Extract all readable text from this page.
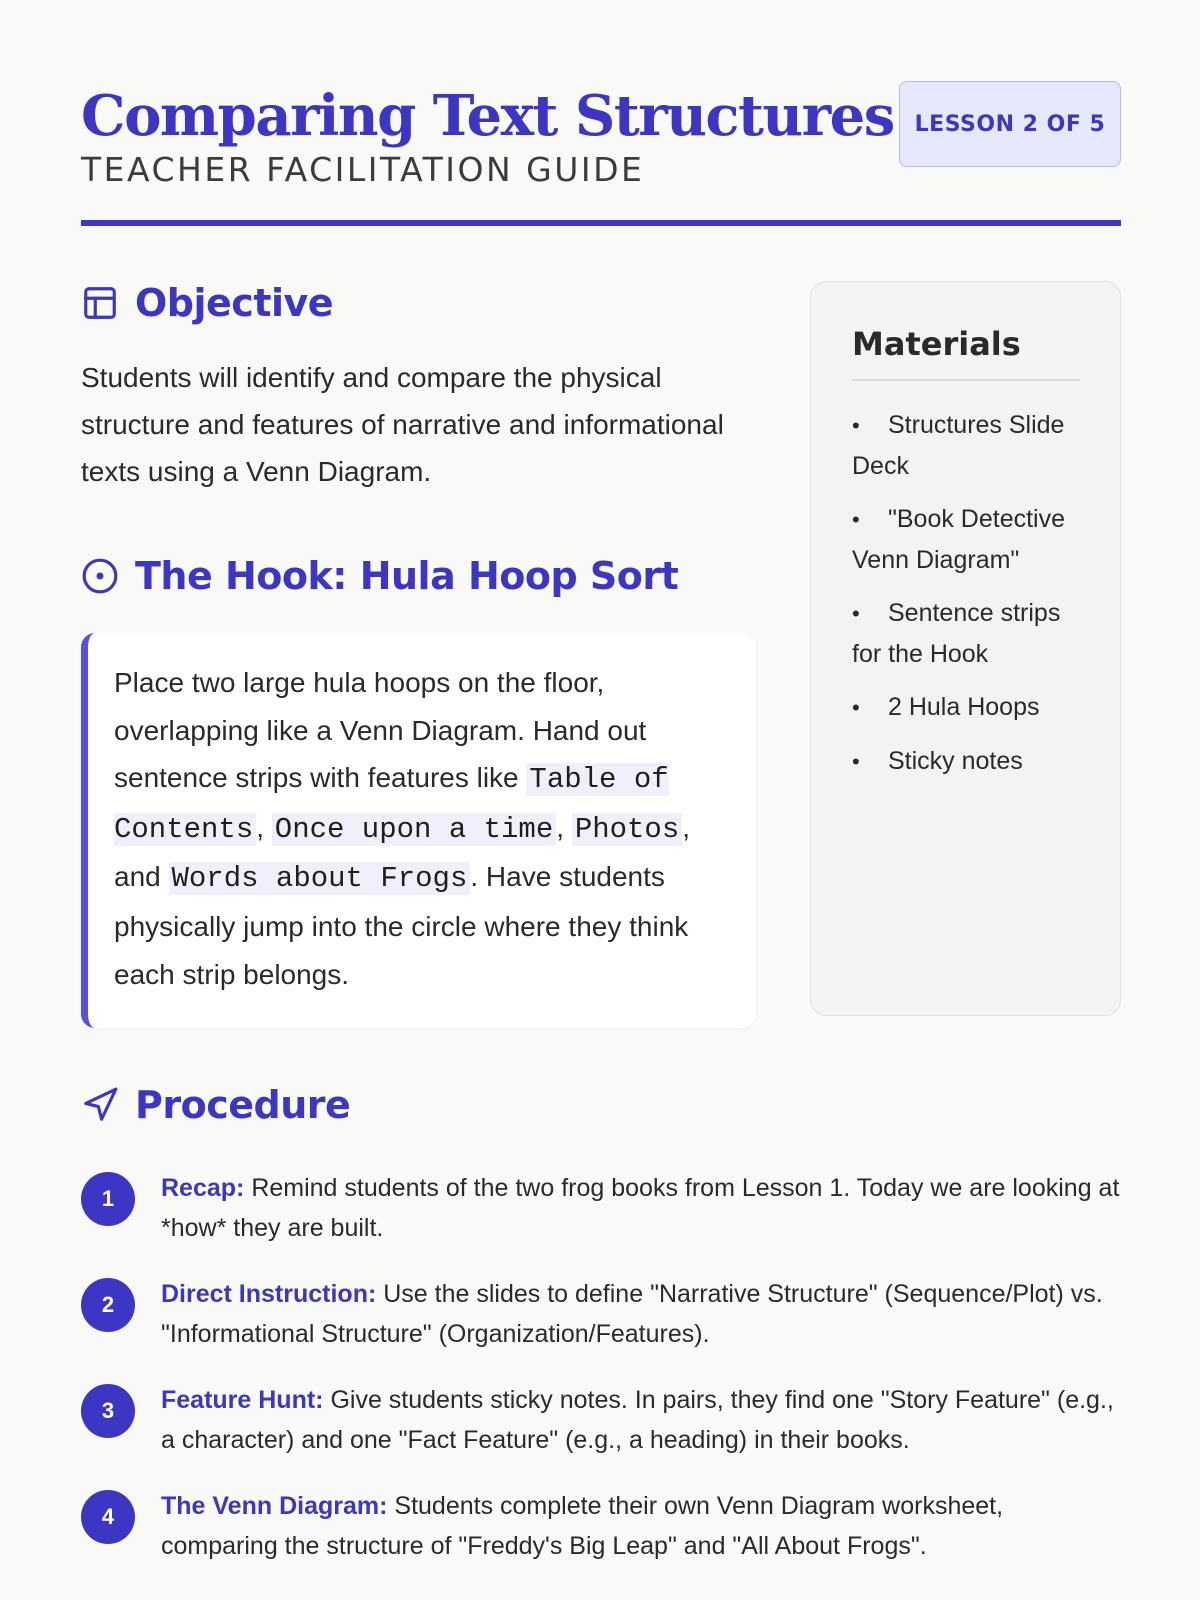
Comparing Text Structures
TEACHER FACILITATION GUIDE
LESSON 2 OF 5
Objective

Students will identify and compare the physical structure and features of narrative and informational texts using a Venn Diagram.

The Hook: Hula Hoop Sort
Place two large hula hoops on the floor, overlapping like a Venn Diagram. Hand out sentence strips with features like Table of Contents , Once upon a time , Photos , and Words about Frogs . Have students physically jump into the circle where they think each strip belongs.
Materials
• Structures Slide Deck
• "Book Detective Venn Diagram"
• Sentence strips for the Hook
• 2 Hula Hoops
• Sticky notes
Procedure
1	Recap: Remind students of the two frog books from Lesson 1. Today we are looking at *how* they are built.
2	Direct Instruction: Use the slides to define "Narrative Structure" (Sequence/Plot) vs. "Informational Structure" (Organization/Features).
3	Feature Hunt: Give students sticky notes. In pairs, they find one "Story Feature" (e.g., a character) and one "Fact Feature" (e.g., a heading) in their books.
4	The Venn Diagram: Students complete their own Venn Diagram worksheet, comparing the structure of "Freddy's Big Leap" and "All About Frogs".
